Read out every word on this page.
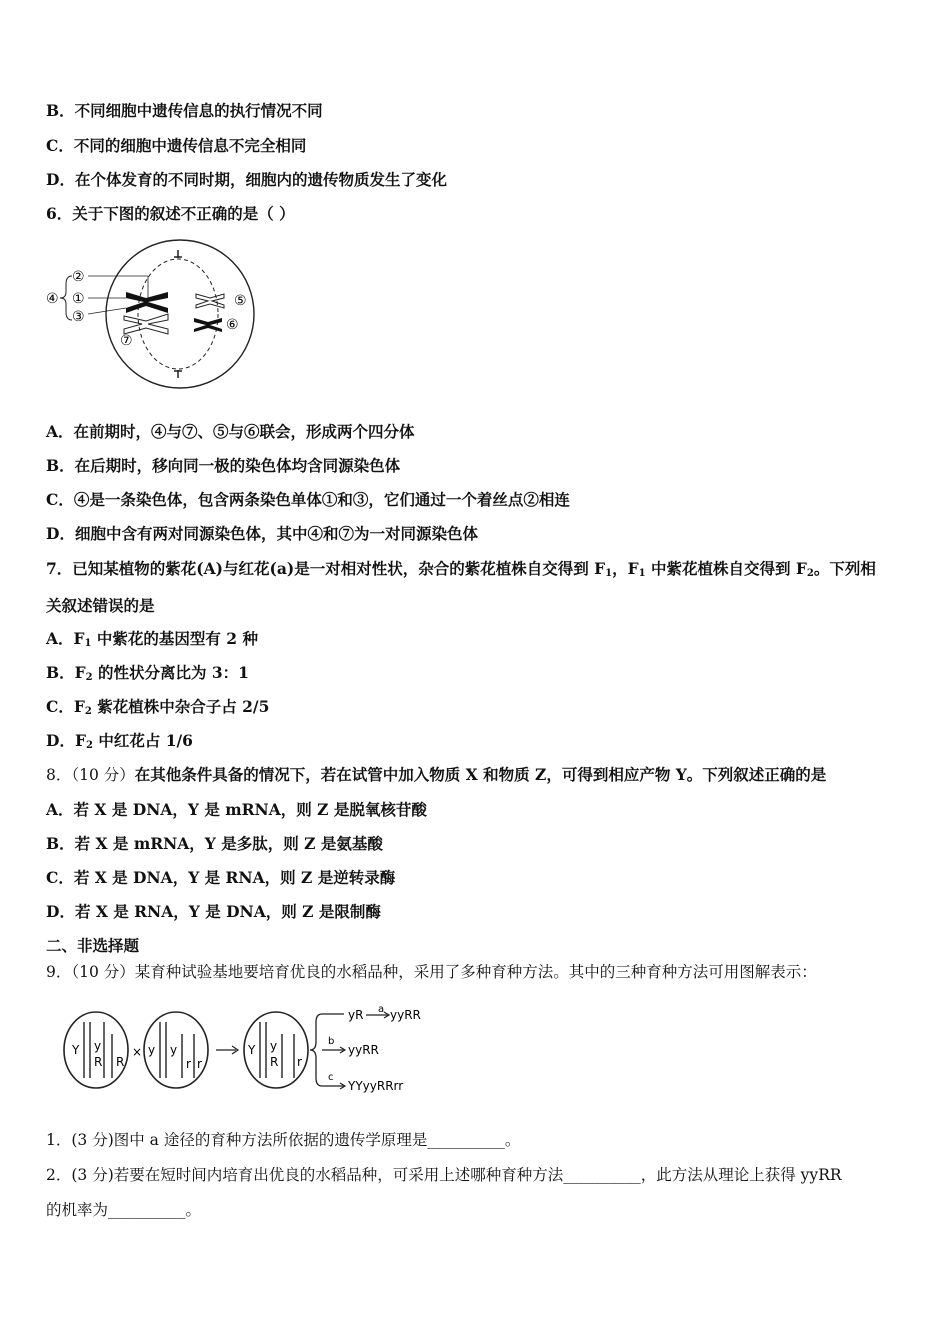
B．不同细胞中遗传信息的执行情况不同
C．不同的细胞中遗传信息不完全相同
D．在个体发育的不同时期，细胞内的遗传物质发生了变化
6．关于下图的叙述不正确的是（ ）
④
②
①
③
⑤
⑥
⑦
A．在前期时，④与⑦、⑤与⑥联会，形成两个四分体
B．在后期时，移向同一极的染色体均含同源染色体
C．④是一条染色体，包含两条染色单体①和③，它们通过一个着丝点②相连
D．细胞中含有两对同源染色体，其中④和⑦为一对同源染色体
7．已知某植物的紫花(A)与红花(a)是一对相对性状，杂合的紫花植株自交得到 $F_1$，$F_1$ 中紫花植株自交得到 $F_2$。下列相
关叙述错误的是
A．$F_1$ 中紫花的基因型有 2 种
B．$F_2$ 的性状分离比为 3：1
C．$F_2$ 紫花植株中杂合子占 2/5
D．$F_2$ 中红花占 1/6
8．（10 分）在其他条件具备的情况下，若在试管中加入物质 X 和物质 Z，可得到相应产物 Y。下列叙述正确的是
A．若 X 是 DNA，Y 是 mRNA，则 Z 是脱氧核苷酸
B．若 X 是 mRNA，Y 是多肽，则 Z 是氨基酸
C．若 X 是 DNA，Y 是 RNA，则 Z 是逆转录酶
D．若 X 是 RNA，Y 是 DNA，则 Z 是限制酶
二、非选择题
9．（10 分）某育种试验基地要培育优良的水稻品种，采用了多种育种方法。其中的三种育种方法可用图解表示：
Y y
R R
× y y
r r
Y y
R r
yR a yyRR
b
yyRR
c
YYyyRRrr
1．(3 分)图中 a 途径的育种方法所依据的遗传学原理是__________。
2．(3 分)若要在短时间内培育出优良的水稻品种，可采用上述哪种育种方法__________，此方法从理论上获得 yyRR
的机率为__________。
